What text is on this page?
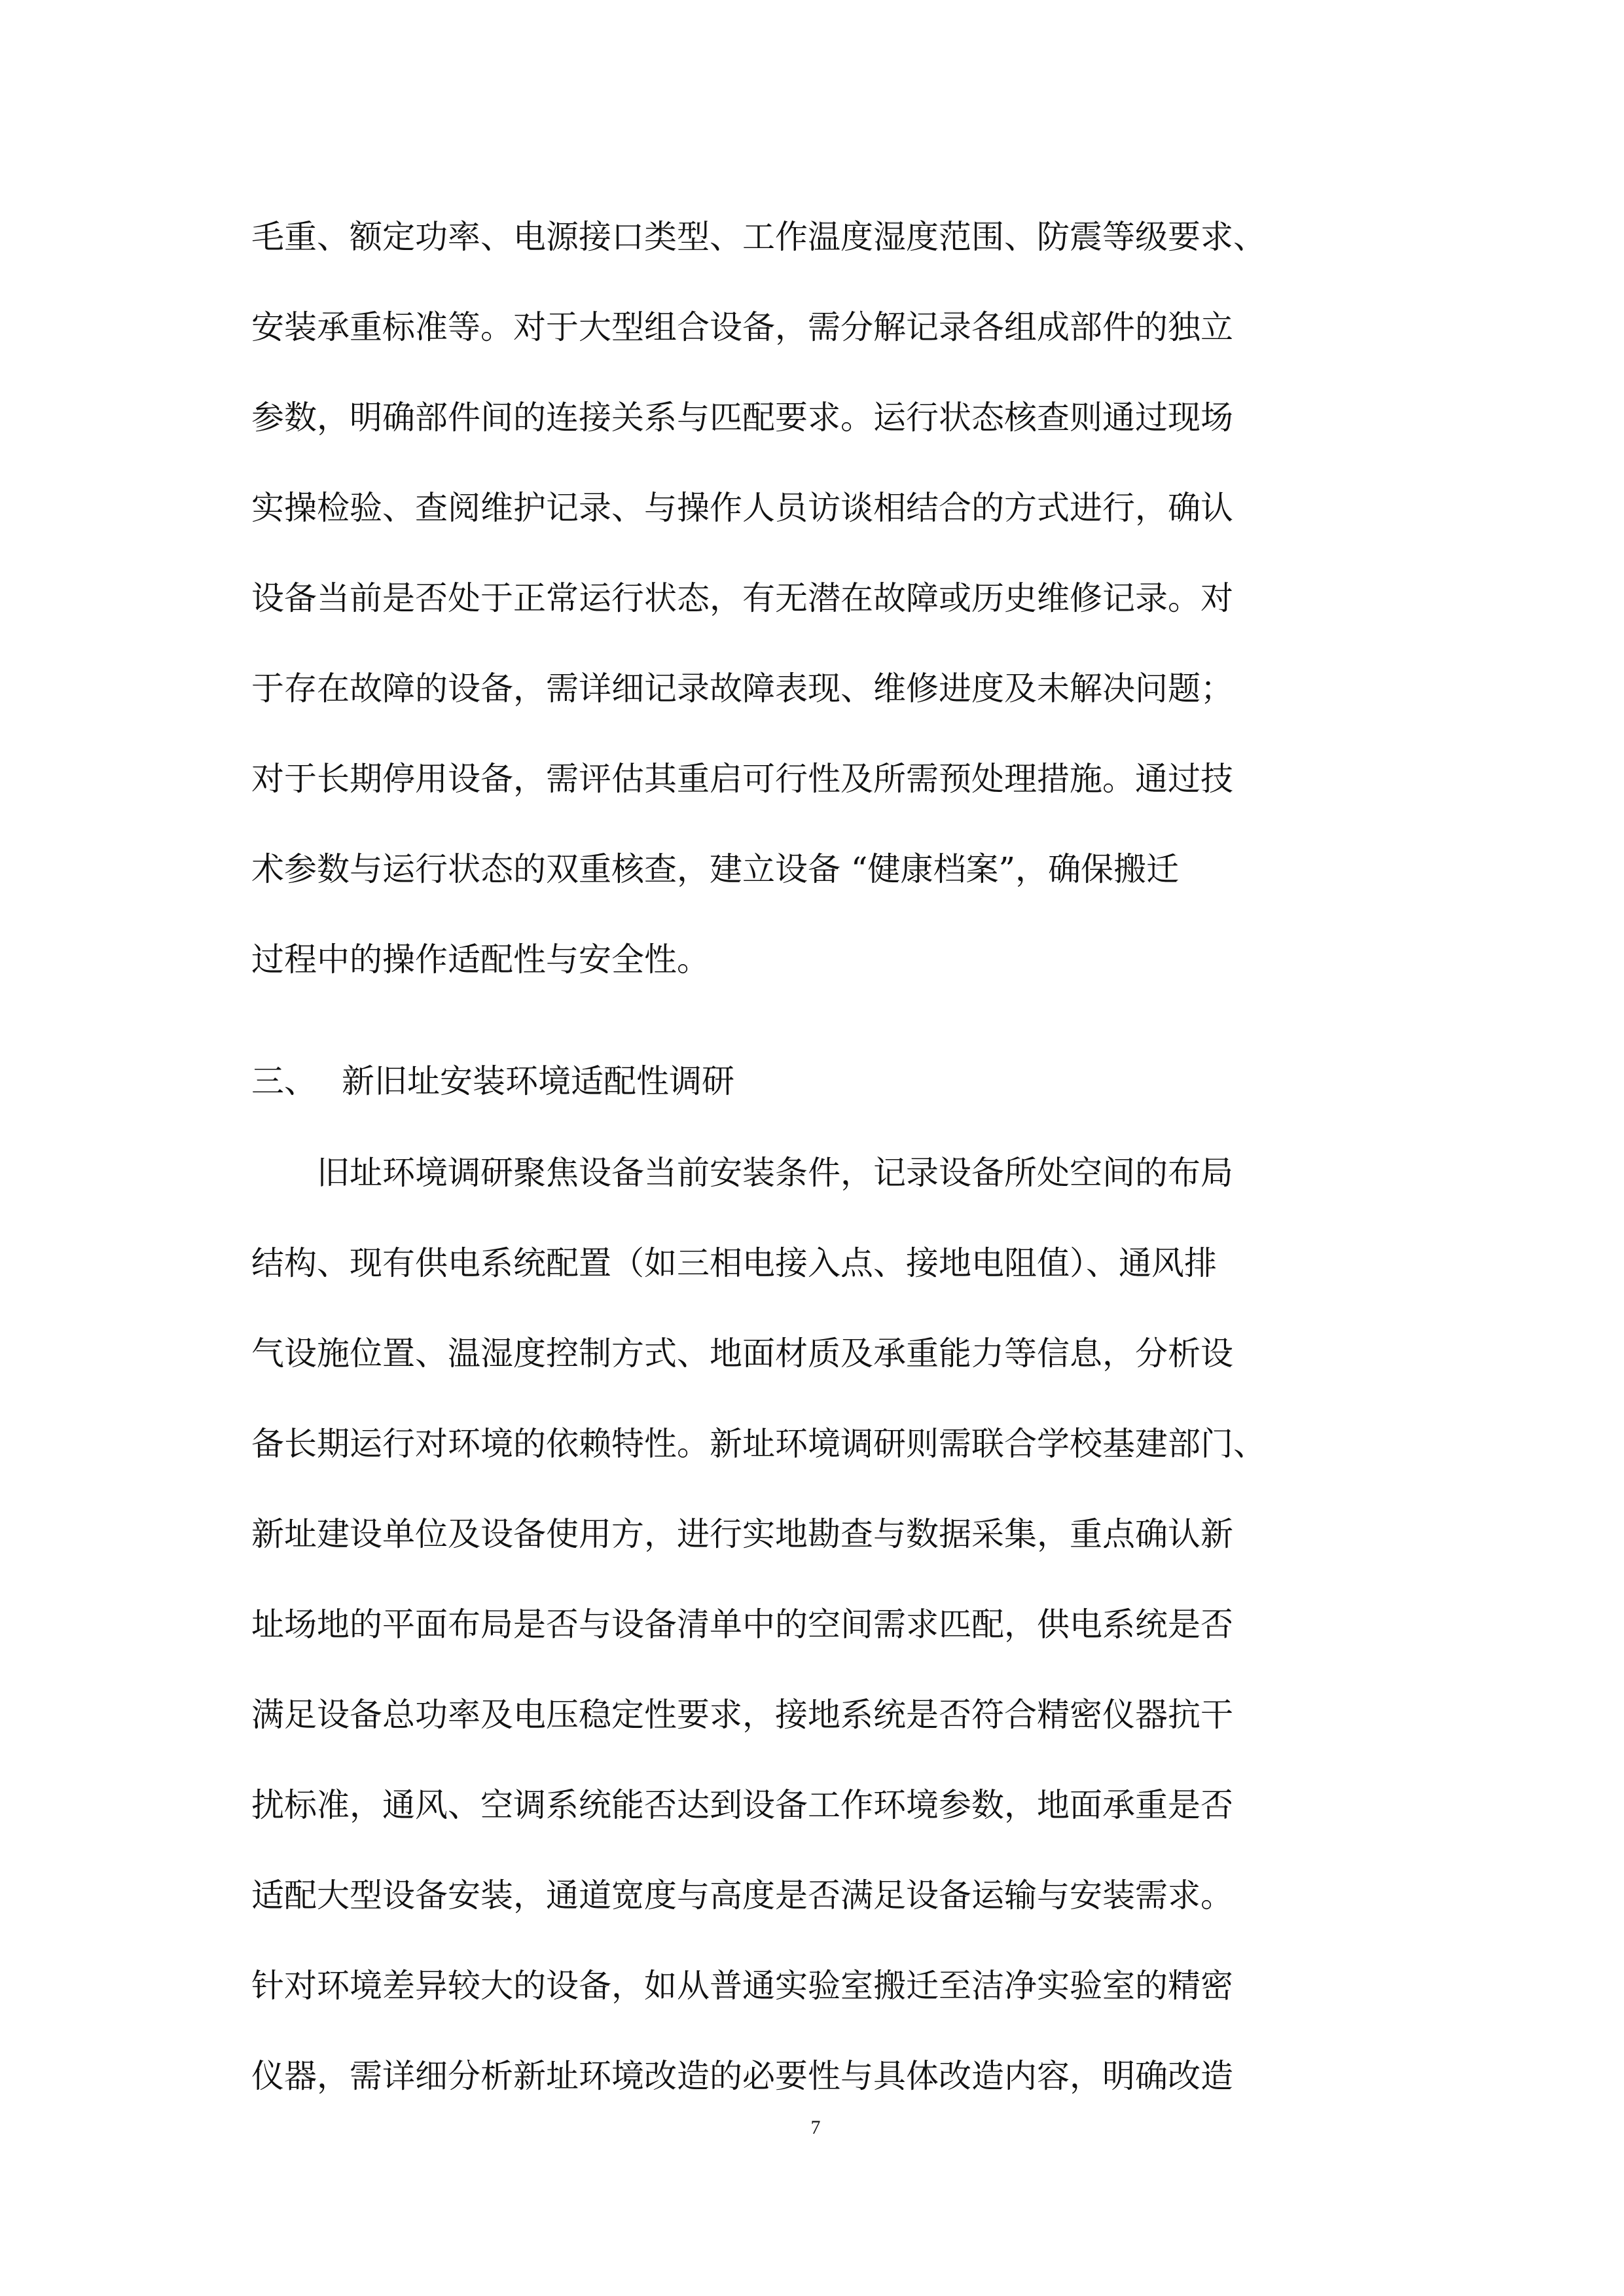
毛重、额定功率、电源接口类型、工作温度湿度范围、防震等级要求、
安装承重标准等。对于大型组合设备，需分解记录各组成部件的独立
参数，明确部件间的连接关系与匹配要求。运行状态核查则通过现场
实操检验、查阅维护记录、与操作人员访谈相结合的方式进行，确认
设备当前是否处于正常运行状态，有无潜在故障或历史维修记录。对
于存在故障的设备，需详细记录故障表现、维修进度及未解决问题；
对于长期停用设备，需评估其重启可行性及所需预处理措施。通过技
术参数与运行状态的双重核查，建立设备 “健康档案”，确保搬迁
过程中的操作适配性与安全性。
三、 新旧址安装环境适配性调研
旧址环境调研聚焦设备当前安装条件，记录设备所处空间的布局
结构、现有供电系统配置（如三相电接入点、接地电阻值）、通风排
气设施位置、温湿度控制方式、地面材质及承重能力等信息，分析设
备长期运行对环境的依赖特性。新址环境调研则需联合学校基建部门、
新址建设单位及设备使用方，进行实地勘查与数据采集，重点确认新
址场地的平面布局是否与设备清单中的空间需求匹配，供电系统是否
满足设备总功率及电压稳定性要求，接地系统是否符合精密仪器抗干
扰标准，通风、空调系统能否达到设备工作环境参数，地面承重是否
适配大型设备安装，通道宽度与高度是否满足设备运输与安装需求。
针对环境差异较大的设备，如从普通实验室搬迁至洁净实验室的精密
仪器，需详细分析新址环境改造的必要性与具体改造内容，明确改造
7
